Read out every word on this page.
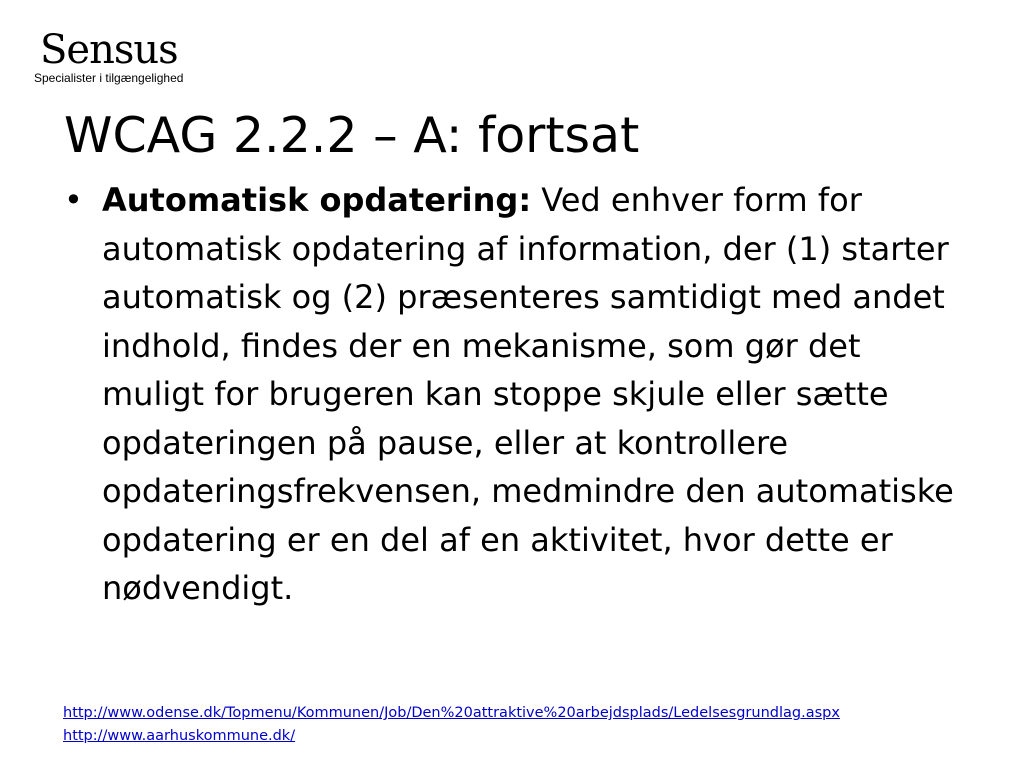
Sensus
Specialister i tilgængelighed
WCAG 2.2.2 – A: fortsat
• Automatisk opdatering: Ved enhver form for automatisk opdatering af information, der (1) starter automatisk og (2) præsenteres samtidigt med andet indhold, findes der en mekanisme, som gør det muligt for brugeren kan stoppe skjule eller sætte opdateringen på pause, eller at kontrollere opdateringsfrekvensen, medmindre den automatiske opdatering er en del af en aktivitet, hvor dette er nødvendigt.
http://www.odense.dk/Topmenu/Kommunen/Job/Den%20attraktive%20arbejdsplads/Ledelsesgrundlag.aspx
http://www.aarhuskommune.dk/
